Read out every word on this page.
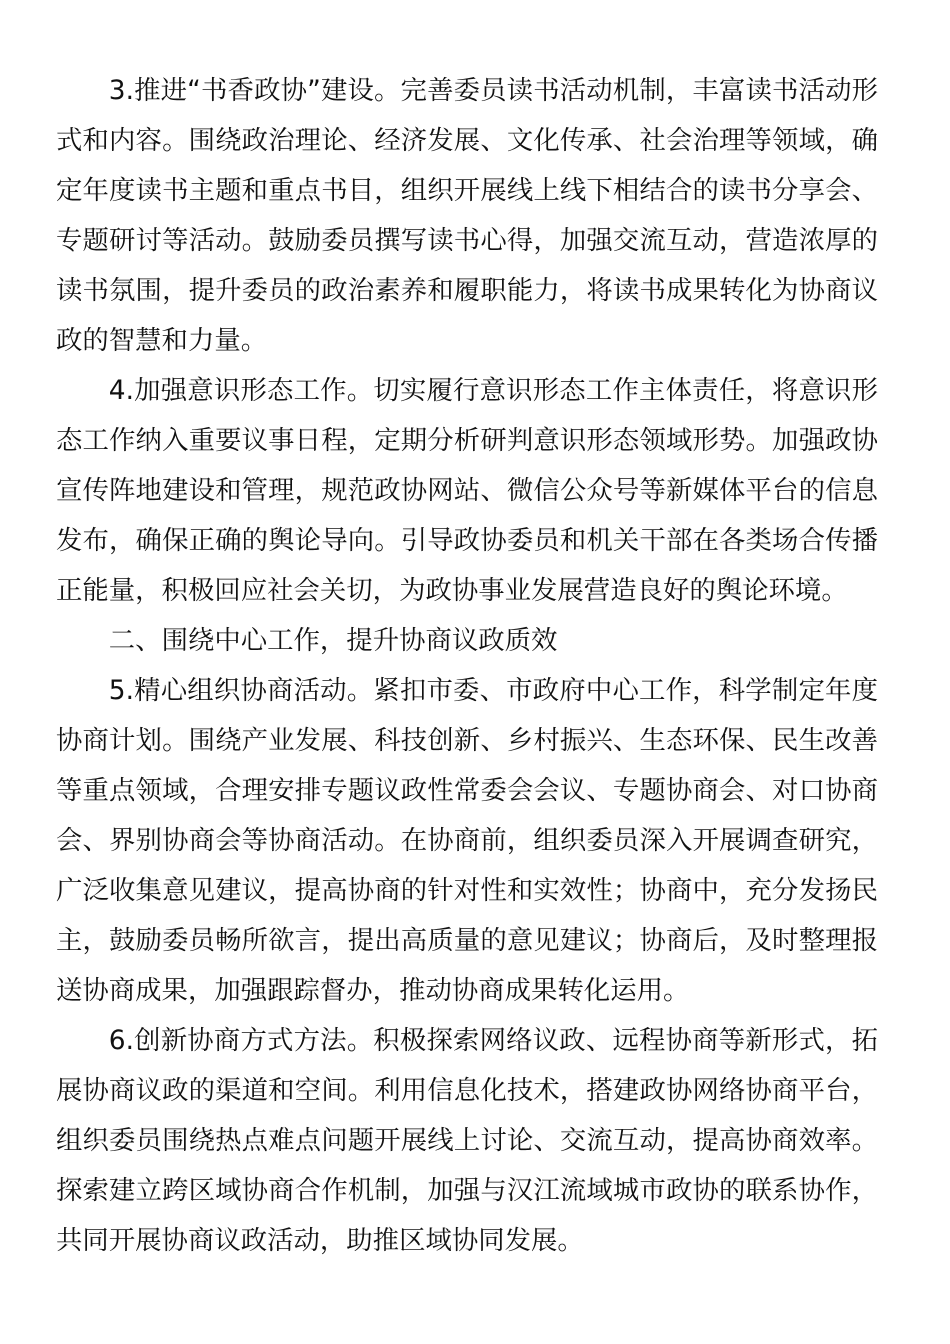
3.推进“书香政协”建设。完善委员读书活动机制，丰富读书活动形式和内容。围绕政治理论、经济发展、文化传承、社会治理等领域，确定年度读书主题和重点书目，组织开展线上线下相结合的读书分享会、专题研讨等活动。鼓励委员撰写读书心得，加强交流互动，营造浓厚的读书氛围，提升委员的政治素养和履职能力，将读书成果转化为协商议政的智慧和力量。

4.加强意识形态工作。切实履行意识形态工作主体责任，将意识形态工作纳入重要议事日程，定期分析研判意识形态领域形势。加强政协宣传阵地建设和管理，规范政协网站、微信公众号等新媒体平台的信息发布，确保正确的舆论导向。引导政协委员和机关干部在各类场合传播正能量，积极回应社会关切，为政协事业发展营造良好的舆论环境。

二、围绕中心工作，提升协商议政质效

5.精心组织协商活动。紧扣市委、市政府中心工作，科学制定年度协商计划。围绕产业发展、科技创新、乡村振兴、生态环保、民生改善等重点领域，合理安排专题议政性常委会会议、专题协商会、对口协商会、界别协商会等协商活动。在协商前，组织委员深入开展调查研究，广泛收集意见建议，提高协商的针对性和实效性；协商中，充分发扬民主，鼓励委员畅所欲言，提出高质量的意见建议；协商后，及时整理报送协商成果，加强跟踪督办，推动协商成果转化运用。

6.创新协商方式方法。积极探索网络议政、远程协商等新形式，拓展协商议政的渠道和空间。利用信息化技术，搭建政协网络协商平台，组织委员围绕热点难点问题开展线上讨论、交流互动，提高协商效率。探索建立跨区域协商合作机制，加强与汉江流域城市政协的联系协作，共同开展协商议政活动，助推区域协同发展。
